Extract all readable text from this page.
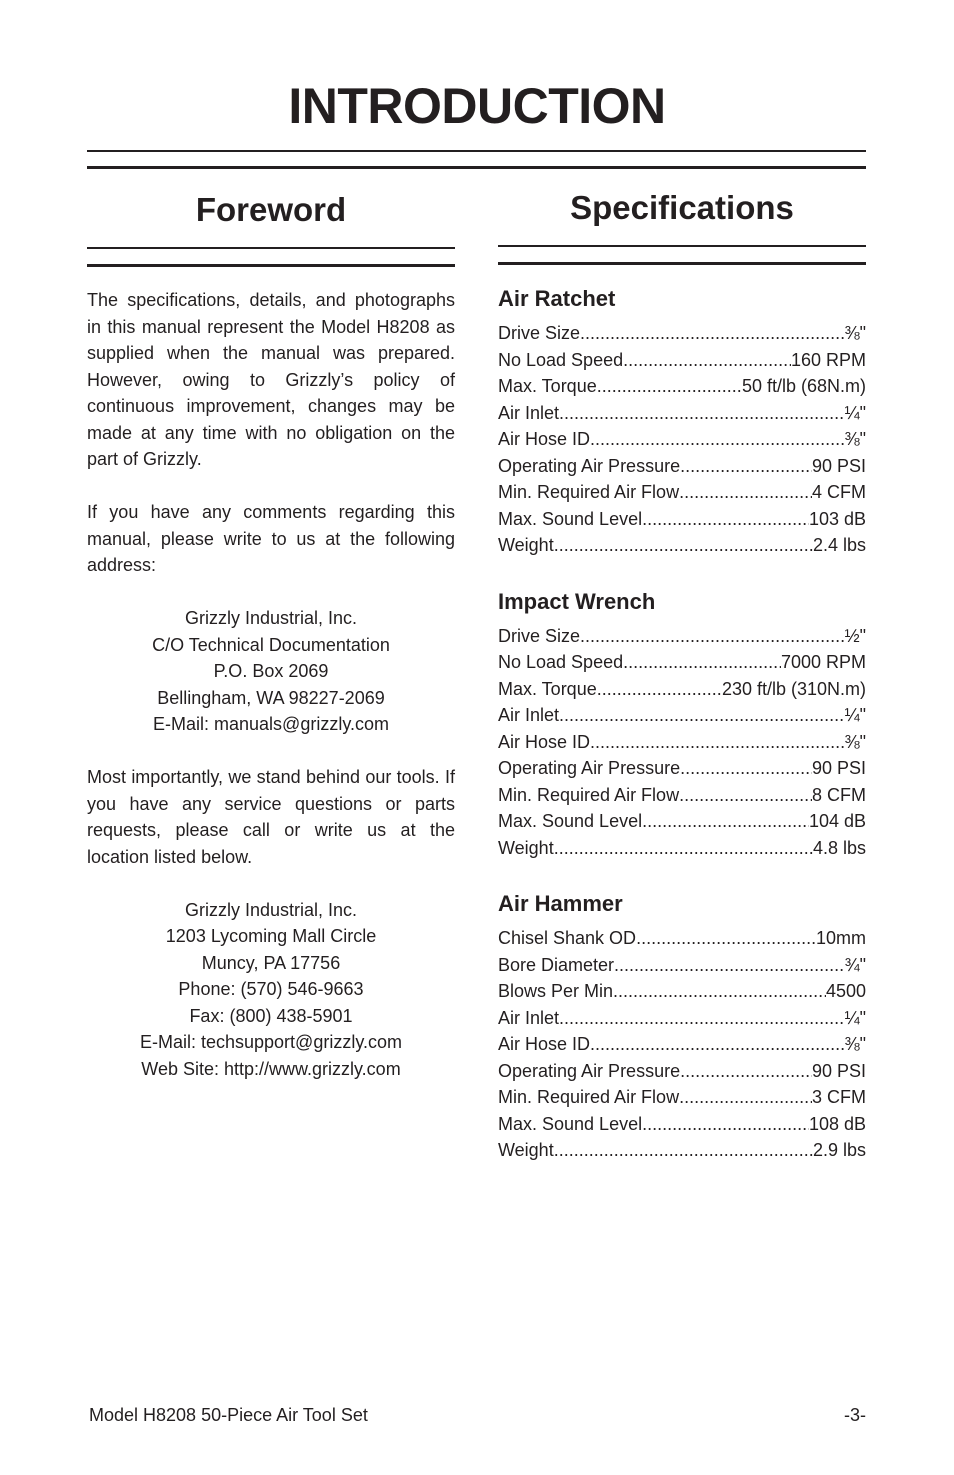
INTRODUCTION
Foreword	Specifications

The specifications, details, and photographs in this manual represent the Model H8208 as supplied when the manual was prepared. However, owing to Grizzly’s policy of continuous improvement, changes may be made at any time with no obligation on the part of Grizzly.

If you have any comments regarding this manual, please write to us at the following address:

Grizzly Industrial, Inc.
C/O Technical Documentation
P.O. Box 2069
Bellingham, WA 98227-2069
E-Mail: manuals@grizzly.com

Most importantly, we stand behind our tools. If you have any service questions or parts requests, please call or write us at the location listed below.

Grizzly Industrial, Inc.
1203 Lycoming Mall Circle
Muncy, PA 17756
Phone: (570) 546-9663
Fax: (800) 438-5901
E-Mail: techsupport@grizzly.com
Web Site: http://www.grizzly.com
Air Ratchet
Drive Size .....	⅜"
No Load Speed .....	160 RPM
Max. Torque .....	50 ft/lb (68N.m)
Air Inlet .....	¼"
Air Hose ID .....	⅜"
Operating Air Pressure .....	90 PSI
Min. Required Air Flow .....	4 CFM
Max. Sound Level .....	103 dB
Weight .....	2.4 lbs
Impact Wrench
Drive Size .....	½"
No Load Speed .....	7000 RPM
Max. Torque .....	230 ft/lb (310N.m)
Air Inlet .....	¼"
Air Hose ID .....	⅜"
Operating Air Pressure .....	90 PSI
Min. Required Air Flow .....	8 CFM
Max. Sound Level .....	104 dB
Weight .....	4.8 lbs
Air Hammer
Chisel Shank OD .....	10mm
Bore Diameter .....	¾"
Blows Per Min .....	4500
Air Inlet .....	¼"
Air Hose ID .....	⅜"
Operating Air Pressure .....	90 PSI
Min. Required Air Flow .....	3 CFM
Max. Sound Level .....	108 dB
Weight .....	2.9 lbs
Model H8208 50-Piece Air Tool Set	-3-
